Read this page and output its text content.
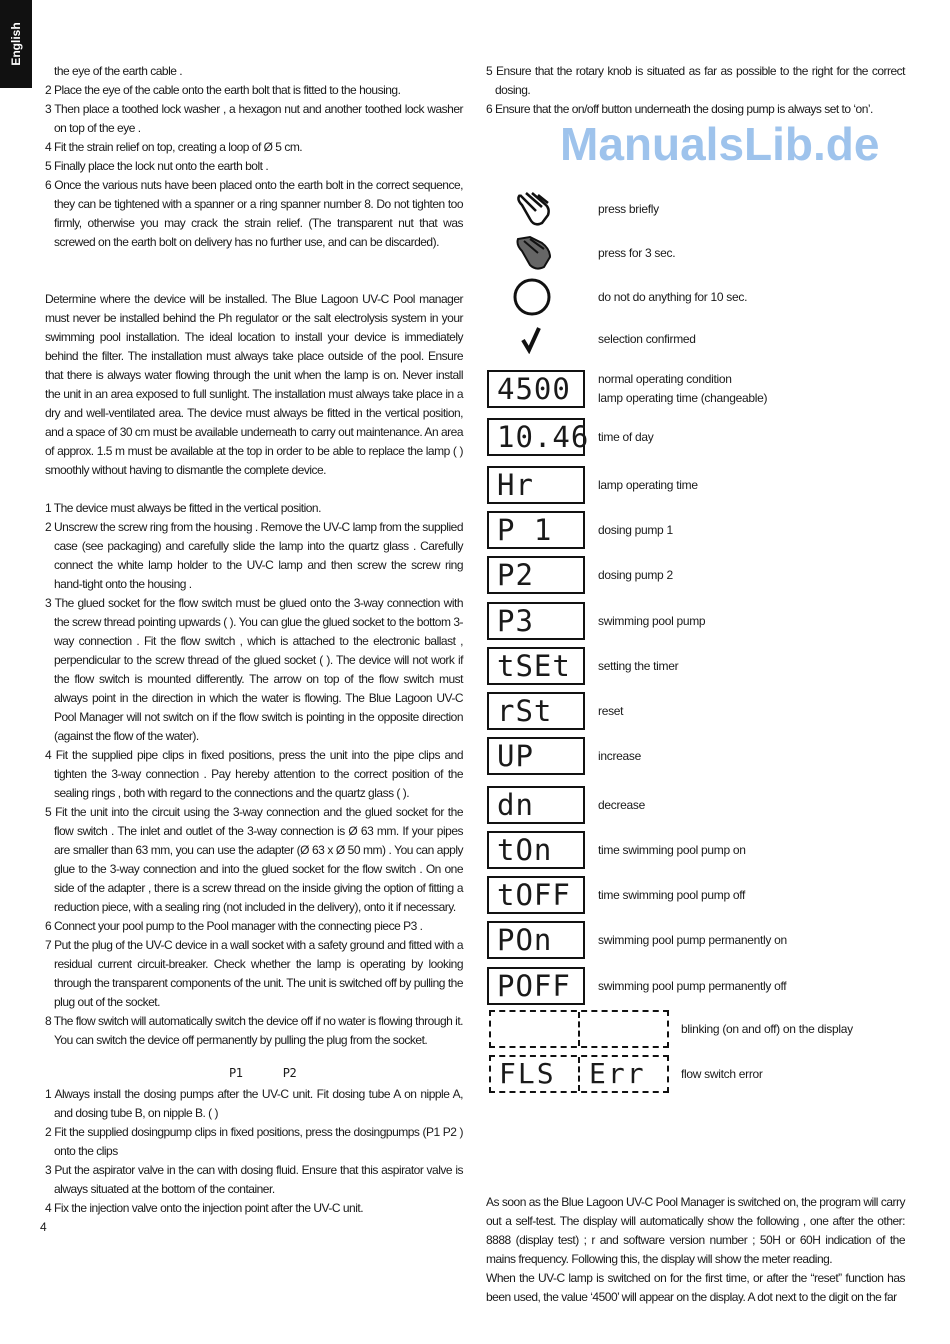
English

the eye of the earth cable .

2 Place the eye of the cable onto the earth bolt that is fitted to the housing.

3 Then place a toothed lock washer , a hexagon nut and another toothed lock washer on top of the eye .

4 Fit the strain relief on top, creating a loop of Ø 5 cm.

5 Finally place the lock nut onto the earth bolt .

6 Once the various nuts have been placed onto the earth bolt in the correct sequence, they can be tightened with a spanner or a ring spanner number 8. Do not tighten too firmly, otherwise you may crack the strain relief. (The transparent nut that was screwed on the earth bolt on delivery has no further use, and can be discarded).

Determine where the device will be installed. The Blue Lagoon UV-C Pool manager must never be installed behind the Ph regulator or the salt electrolysis system in your swimming pool installation. The ideal location to install your device is immediately behind the filter. The installation must always take place outside of the pool. Ensure that there is always water flowing through the unit when the lamp is on. Never install the unit in an area exposed to full sunlight. The installation must always take place in a dry and well-ventilated area. The device must always be fitted in the vertical position, and a space of 30 cm must be available underneath to carry out maintenance. An area of approx. 1.5 m must be available at the top in order to be able to replace the lamp ( ) smoothly without having to dismantle the complete device.

1 The device must always be fitted in the vertical position.

2 Unscrew the screw ring from the housing . Remove the UV-C lamp from the supplied case (see packaging) and carefully slide the lamp into the quartz glass . Carefully connect the white lamp holder to the UV-C lamp and then screw the screw ring hand-tight onto the housing .

3 The glued socket for the flow switch must be glued onto the 3-way connection with the screw thread pointing upwards ( ). You can glue the glued socket to the bottom 3-way connection . Fit the flow switch , which is attached to the electronic ballast , perpendicular to the screw thread of the glued socket ( ). The device will not work if the flow switch is mounted differently. The arrow on top of the flow switch must always point in the direction in which the water is flowing. The Blue Lagoon UV-C Pool Manager will not switch on if the flow switch is pointing in the opposite direction (against the flow of the water).

4 Fit the supplied pipe clips in fixed positions, press the unit into the pipe clips and tighten the 3-way connection . Pay hereby attention to the correct position of the sealing rings , both with regard to the connections and the quartz glass ( ).

5 Fit the unit into the circuit using the 3-way connection and the glued socket for the flow switch . The inlet and outlet of the 3-way connection is Ø 63 mm. If your pipes are smaller than 63 mm, you can use the adapter (Ø 63 x Ø 50 mm) . You can apply glue to the 3-way connection and into the glued socket for the flow switch . On one side of the adapter , there is a screw thread on the inside giving the option of fitting a reduction piece, with a sealing ring (not included in the delivery), onto it if necessary.

6 Connect your pool pump to the Pool manager with the connecting piece P3 .

7 Put the plug of the UV-C device in a wall socket with a safety ground and fitted with a residual current circuit-breaker. Check whether the lamp is operating by looking through the transparent components of the unit. The unit is switched off by pulling the plug out of the socket.

8 The flow switch will automatically switch the device off if no water is flowing through it. You can switch the device off permanently by pulling the plug from the socket.

P1      P2

1 Always install the dosing pumps after the UV-C unit. Fit dosing tube A on nipple A, and dosing tube B, on nipple B. ( )

2 Fit the supplied dosingpump clips in fixed positions, press the dosingpumps (P1 P2 ) onto the clips

3 Put the aspirator valve in the can with dosing fluid. Ensure that this aspirator valve is always situated at the bottom of the container.

4 Fix the injection valve onto the injection point after the UV-C unit.

4

5 Ensure that the rotary knob is situated as far as possible to the right for the correct dosing.

6 Ensure that the on/off button underneath the dosing pump is always set to ‘on’.

ManualsLib.de
press briefly
press for 3 sec.
do not do anything for 10 sec.
selection confirmed
4500	normal operating condition
lamp operating time (changeable)
10.46 time of day
Hr	lamp operating time
P 1	dosing pump 1
P2	dosing pump 2
P3	swimming pool pump
tSEt	setting the timer
rSt	reset
UP	increase
dn	decrease
tOn	time swimming pool pump on
tOFF	time swimming pool pump off
POn	swimming pool pump permanently on
POFF	swimming pool pump permanently off
blinking (on and off) on the display
FLS Err	flow switch error

As soon as the Blue Lagoon UV-C Pool Manager is switched on, the program will carry out a self-test. The display will automatically show the following , one after the other: 8888 (display test) ; r and software version number ; 50H or 60H indication of the mains frequency. Following this, the display will show the meter reading.

When the UV-C lamp is switched on for the first time, or after the “reset” function has been used, the value ‘4500’ will appear on the display. A dot next to the digit on the far
